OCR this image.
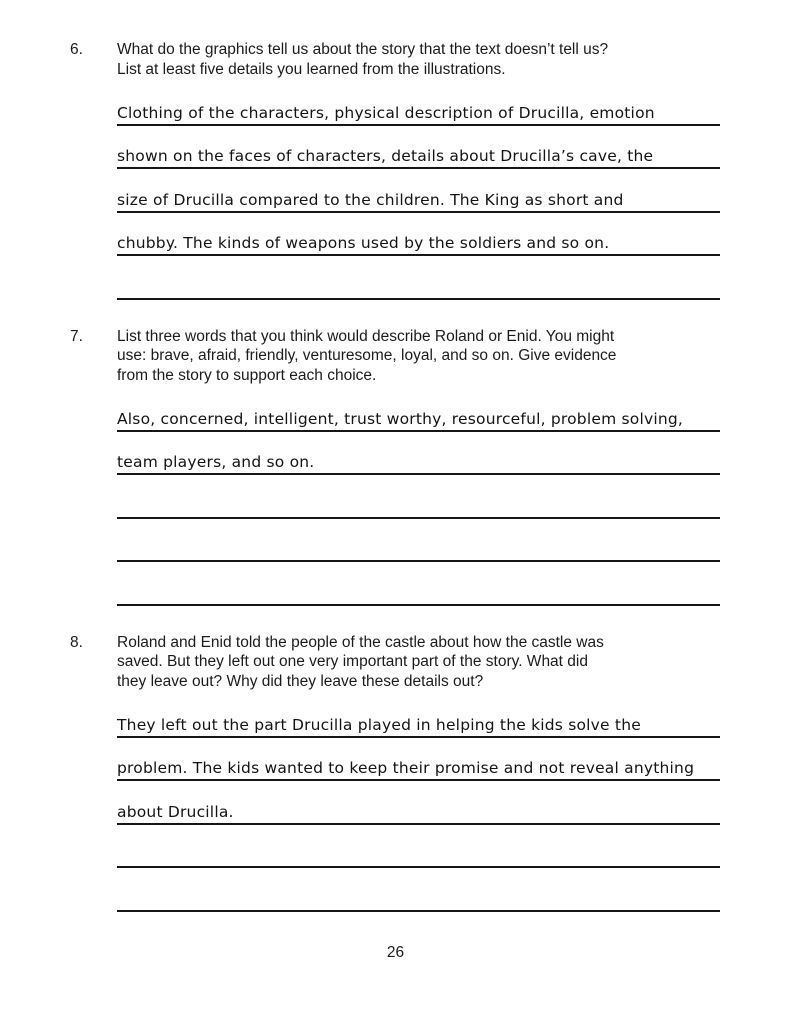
6.	What do the graphics tell us about the story that the text doesn’t tell us?
List at least five details you learned from the illustrations.
Clothing of the characters, physical description of Drucilla, emotion
shown on the faces of characters, details about Drucilla’s cave, the
size of Drucilla compared to the children. The King as short and
chubby. The kinds of weapons used by the soldiers and so on.
7.	List three words that you think would describe Roland or Enid. You might
use: brave, afraid, friendly, venturesome, loyal, and so on. Give evidence
from the story to support each choice.
Also, concerned, intelligent, trust worthy, resourceful, problem solving,
team players, and so on.
8.	Roland and Enid told the people of the castle about how the castle was
saved. But they left out one very important part of the story. What did
they leave out? Why did they leave these details out?
They left out the part Drucilla played in helping the kids solve the
problem. The kids wanted to keep their promise and not reveal anything
about Drucilla.
26
